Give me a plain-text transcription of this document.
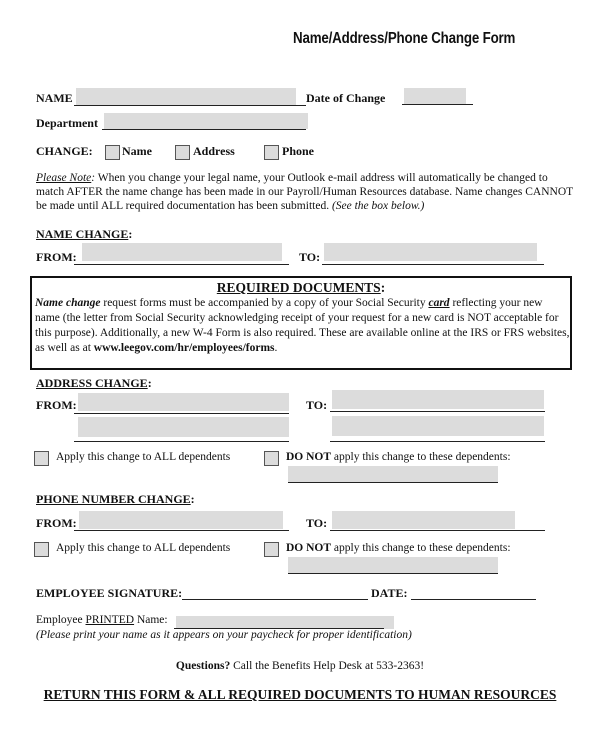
Name/Address/Phone Change Form
NAME	Date of Change
Department
CHANGE: Name	Address	Phone
Please Note: When you change your legal name, your Outlook e-mail address will automatically be changed to match AFTER the name change has been made in our Payroll/Human Resources database. Name changes CANNOT be made until ALL required documentation has been submitted. (See the box below.)
NAME CHANGE:
FROM:	TO:
REQUIRED DOCUMENTS:
Name change request forms must be accompanied by a copy of your Social Security card reflecting your new name (the letter from Social Security acknowledging receipt of your request for a new card is NOT acceptable for this purpose). Additionally, a new W-4 Form is also required. These are available online at the IRS or FRS websites, as well as at www.leegov.com/hr/employees/forms.
ADDRESS CHANGE:
FROM:	TO:
Apply this change to ALL dependents	DO NOT apply this change to these dependents:
PHONE NUMBER CHANGE:
FROM:	TO:
Apply this change to ALL dependents	DO NOT apply this change to these dependents:
EMPLOYEE SIGNATURE:	DATE:
Employee PRINTED Name:
(Please print your name as it appears on your paycheck for proper identification)
Questions? Call the Benefits Help Desk at 533-2363!
RETURN THIS FORM & ALL REQUIRED DOCUMENTS TO HUMAN RESOURCES
